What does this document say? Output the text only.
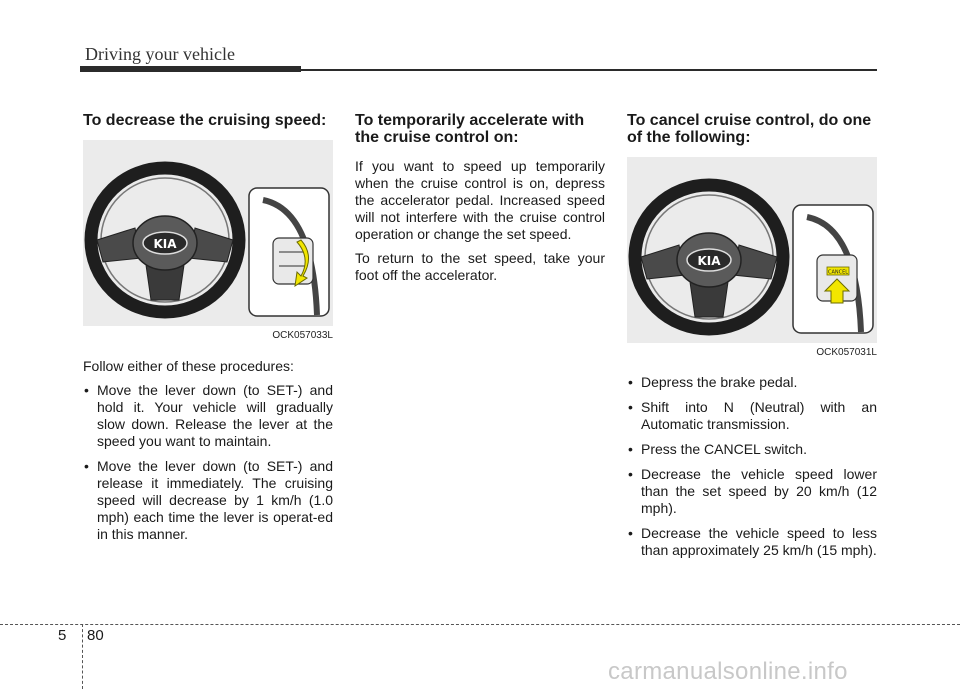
Driving your vehicle
To decrease the cruising speed:
KIA
OCK057033L

Follow either of these procedures:

• Move the lever down (to SET-) and hold it. Your vehicle will gradually slow down. Release the lever at the speed you want to maintain.
• Move the lever down (to SET-) and release it immediately. The cruising speed will decrease by 1 km/h (1.0 mph) each time the lever is operat-ed in this manner.
To temporarily accelerate with the cruise control on:

If you want to speed up temporarily when the cruise control is on, depress the accelerator pedal. Increased speed will not interfere with the cruise control operation or change the set speed.

To return to the set speed, take your foot off the accelerator.

To cancel cruise control, do one of the following:
KIA
CANCEL
OCK057031L
• Depress the brake pedal.
• Shift into N (Neutral) with an Automatic transmission.
• Press the CANCEL switch.
• Decrease the vehicle speed lower than the set speed by 20 km/h (12 mph).
• Decrease the vehicle speed to less than approximately 25 km/h (15 mph).
5 80
carmanualsonline.info
